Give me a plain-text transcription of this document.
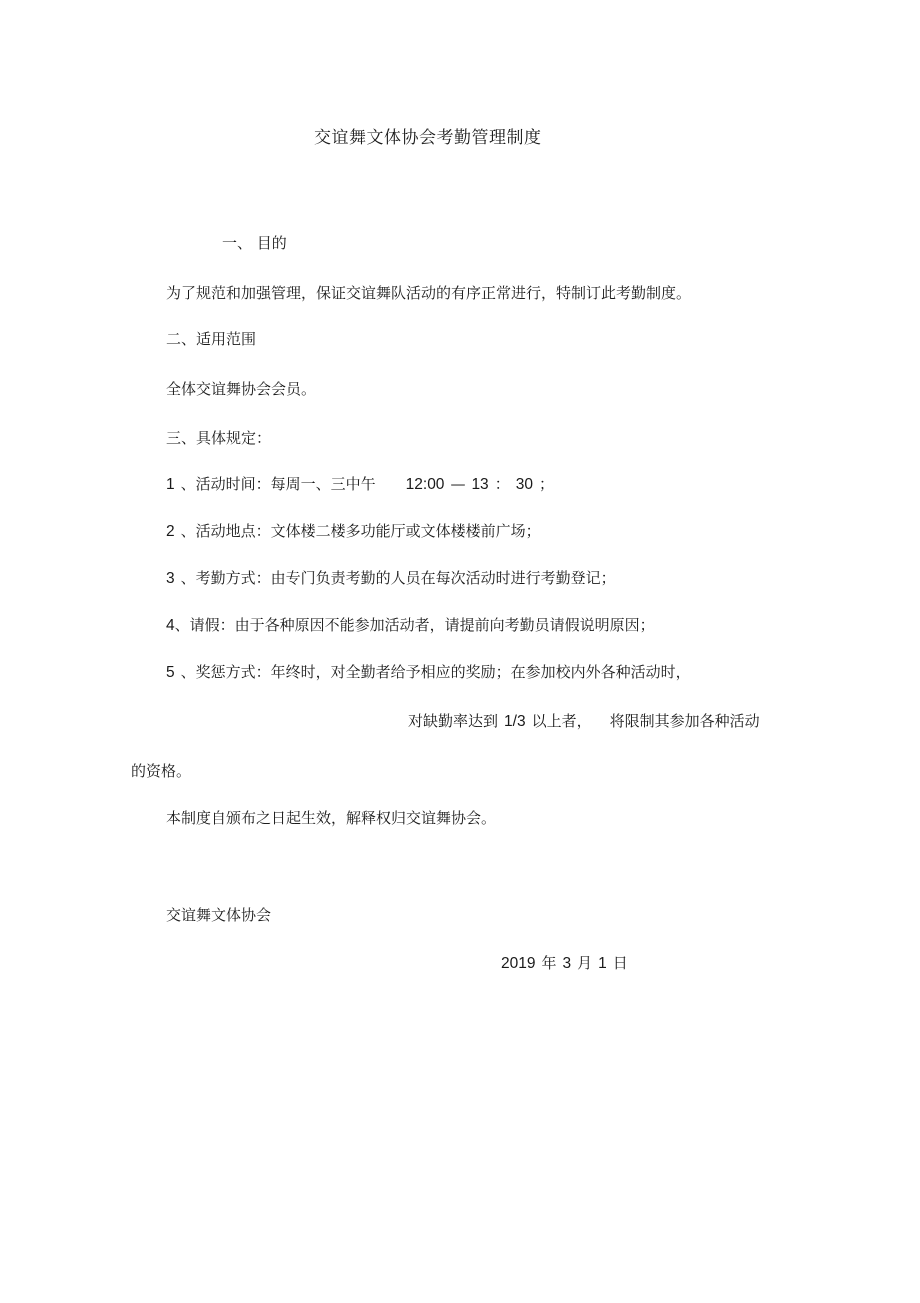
交谊舞文体协会考勤管理制度
一、 目的
为了规范和加强管理，保证交谊舞队活动的有序正常进行，特制订此考勤制度。
二、适用范围
全体交谊舞协会会员。
三、具体规定：
1 、活动时间：每周一、三中午 12:00 — 13 ： 30 ；
2 、活动地点：文体楼二楼多功能厅或文体楼楼前广场；
3 、考勤方式：由专门负责考勤的人员在每次活动时进行考勤登记；
4、请假：由于各种原因不能参加活动者，请提前向考勤员请假说明原因；
5 、奖惩方式：年终时，对全勤者给予相应的奖励；在参加校内外各种活动时，
对缺勤率达到 1/3 以上者， 将限制其参加各种活动
的资格。
本制度自颁布之日起生效，解释权归交谊舞协会。
交谊舞文体协会
2019 年 3 月 1 日
